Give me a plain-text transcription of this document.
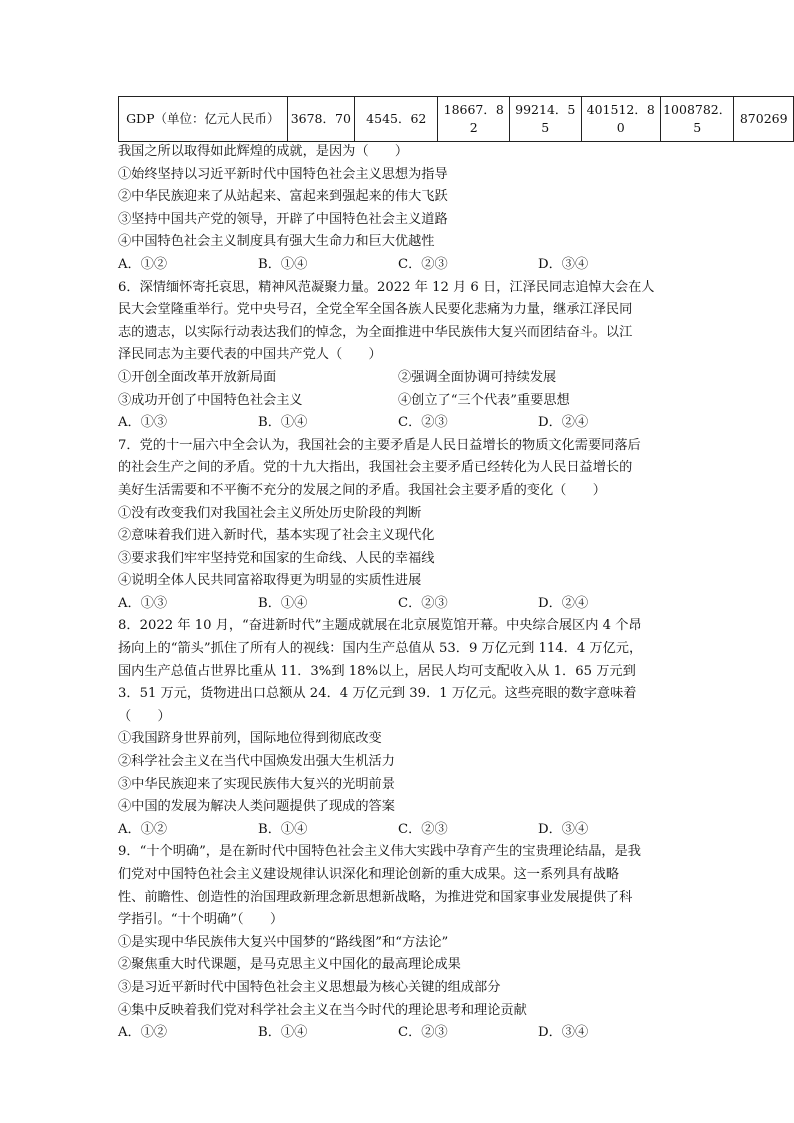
GDP（单位：亿元人民币）	3678．70	4545．62	18667．82	99214．55	401512．80	1008782．5	870269
我国之所以取得如此辉煌的成就，是因为（　　）
①始终坚持以习近平新时代中国特色社会主义思想为指导
②中华民族迎来了从站起来、富起来到强起来的伟大飞跃
③坚持中国共产党的领导，开辟了中国特色社会主义道路
④中国特色社会主义制度具有强大生命力和巨大优越性
A．①②	B．①④	C．②③	D．③④
6．深情缅怀寄托哀思，精神风范凝聚力量。2022 年 12 月 6 日，江泽民同志追悼大会在人
民大会堂隆重举行。党中央号召，全党全军全国各族人民要化悲痛为力量，继承江泽民同
志的遗志，以实际行动表达我们的悼念，为全面推进中华民族伟大复兴而团结奋斗。以江
泽民同志为主要代表的中国共产党人（　　）
①开创全面改革开放新局面	②强调全面协调可持续发展
③成功开创了中国特色社会主义	④创立了“三个代表”重要思想
A．①③	B．①④	C．②③	D．②④
7．党的十一届六中全会认为，我国社会的主要矛盾是人民日益增长的物质文化需要同落后
的社会生产之间的矛盾。党的十九大指出，我国社会主要矛盾已经转化为人民日益增长的
美好生活需要和不平衡不充分的发展之间的矛盾。我国社会主要矛盾的变化（　　）
①没有改变我们对我国社会主义所处历史阶段的判断
②意味着我们进入新时代，基本实现了社会主义现代化
③要求我们牢牢坚持党和国家的生命线、人民的幸福线
④说明全体人民共同富裕取得更为明显的实质性进展
A．①③	B．①④	C．②③	D．②④
8．2022 年 10 月，“奋进新时代”主题成就展在北京展览馆开幕。中央综合展区内 4 个昂
扬向上的“箭头”抓住了所有人的视线：国内生产总值从 53．9 万亿元到 114．4 万亿元，
国内生产总值占世界比重从 11．3%到 18%以上，居民人均可支配收入从 1．65 万元到
3．51 万元，货物进出口总额从 24．4 万亿元到 39．1 万亿元。这些亮眼的数字意味着
（　　）
①我国跻身世界前列，国际地位得到彻底改变
②科学社会主义在当代中国焕发出强大生机活力
③中华民族迎来了实现民族伟大复兴的光明前景
④中国的发展为解决人类问题提供了现成的答案
A．①②	B．①④	C．②③	D．③④
9．“十个明确”，是在新时代中国特色社会主义伟大实践中孕育产生的宝贵理论结晶，是我
们党对中国特色社会主义建设规律认识深化和理论创新的重大成果。这一系列具有战略
性、前瞻性、创造性的治国理政新理念新思想新战略，为推进党和国家事业发展提供了科
学指引。“十个明确”（　　）
①是实现中华民族伟大复兴中国梦的“路线图”和“方法论”
②聚焦重大时代课题，是马克思主义中国化的最高理论成果
③是习近平新时代中国特色社会主义思想最为核心关键的组成部分
④集中反映着我们党对科学社会主义在当今时代的理论思考和理论贡献
A．①②	B．①④	C．②③	D．③④
